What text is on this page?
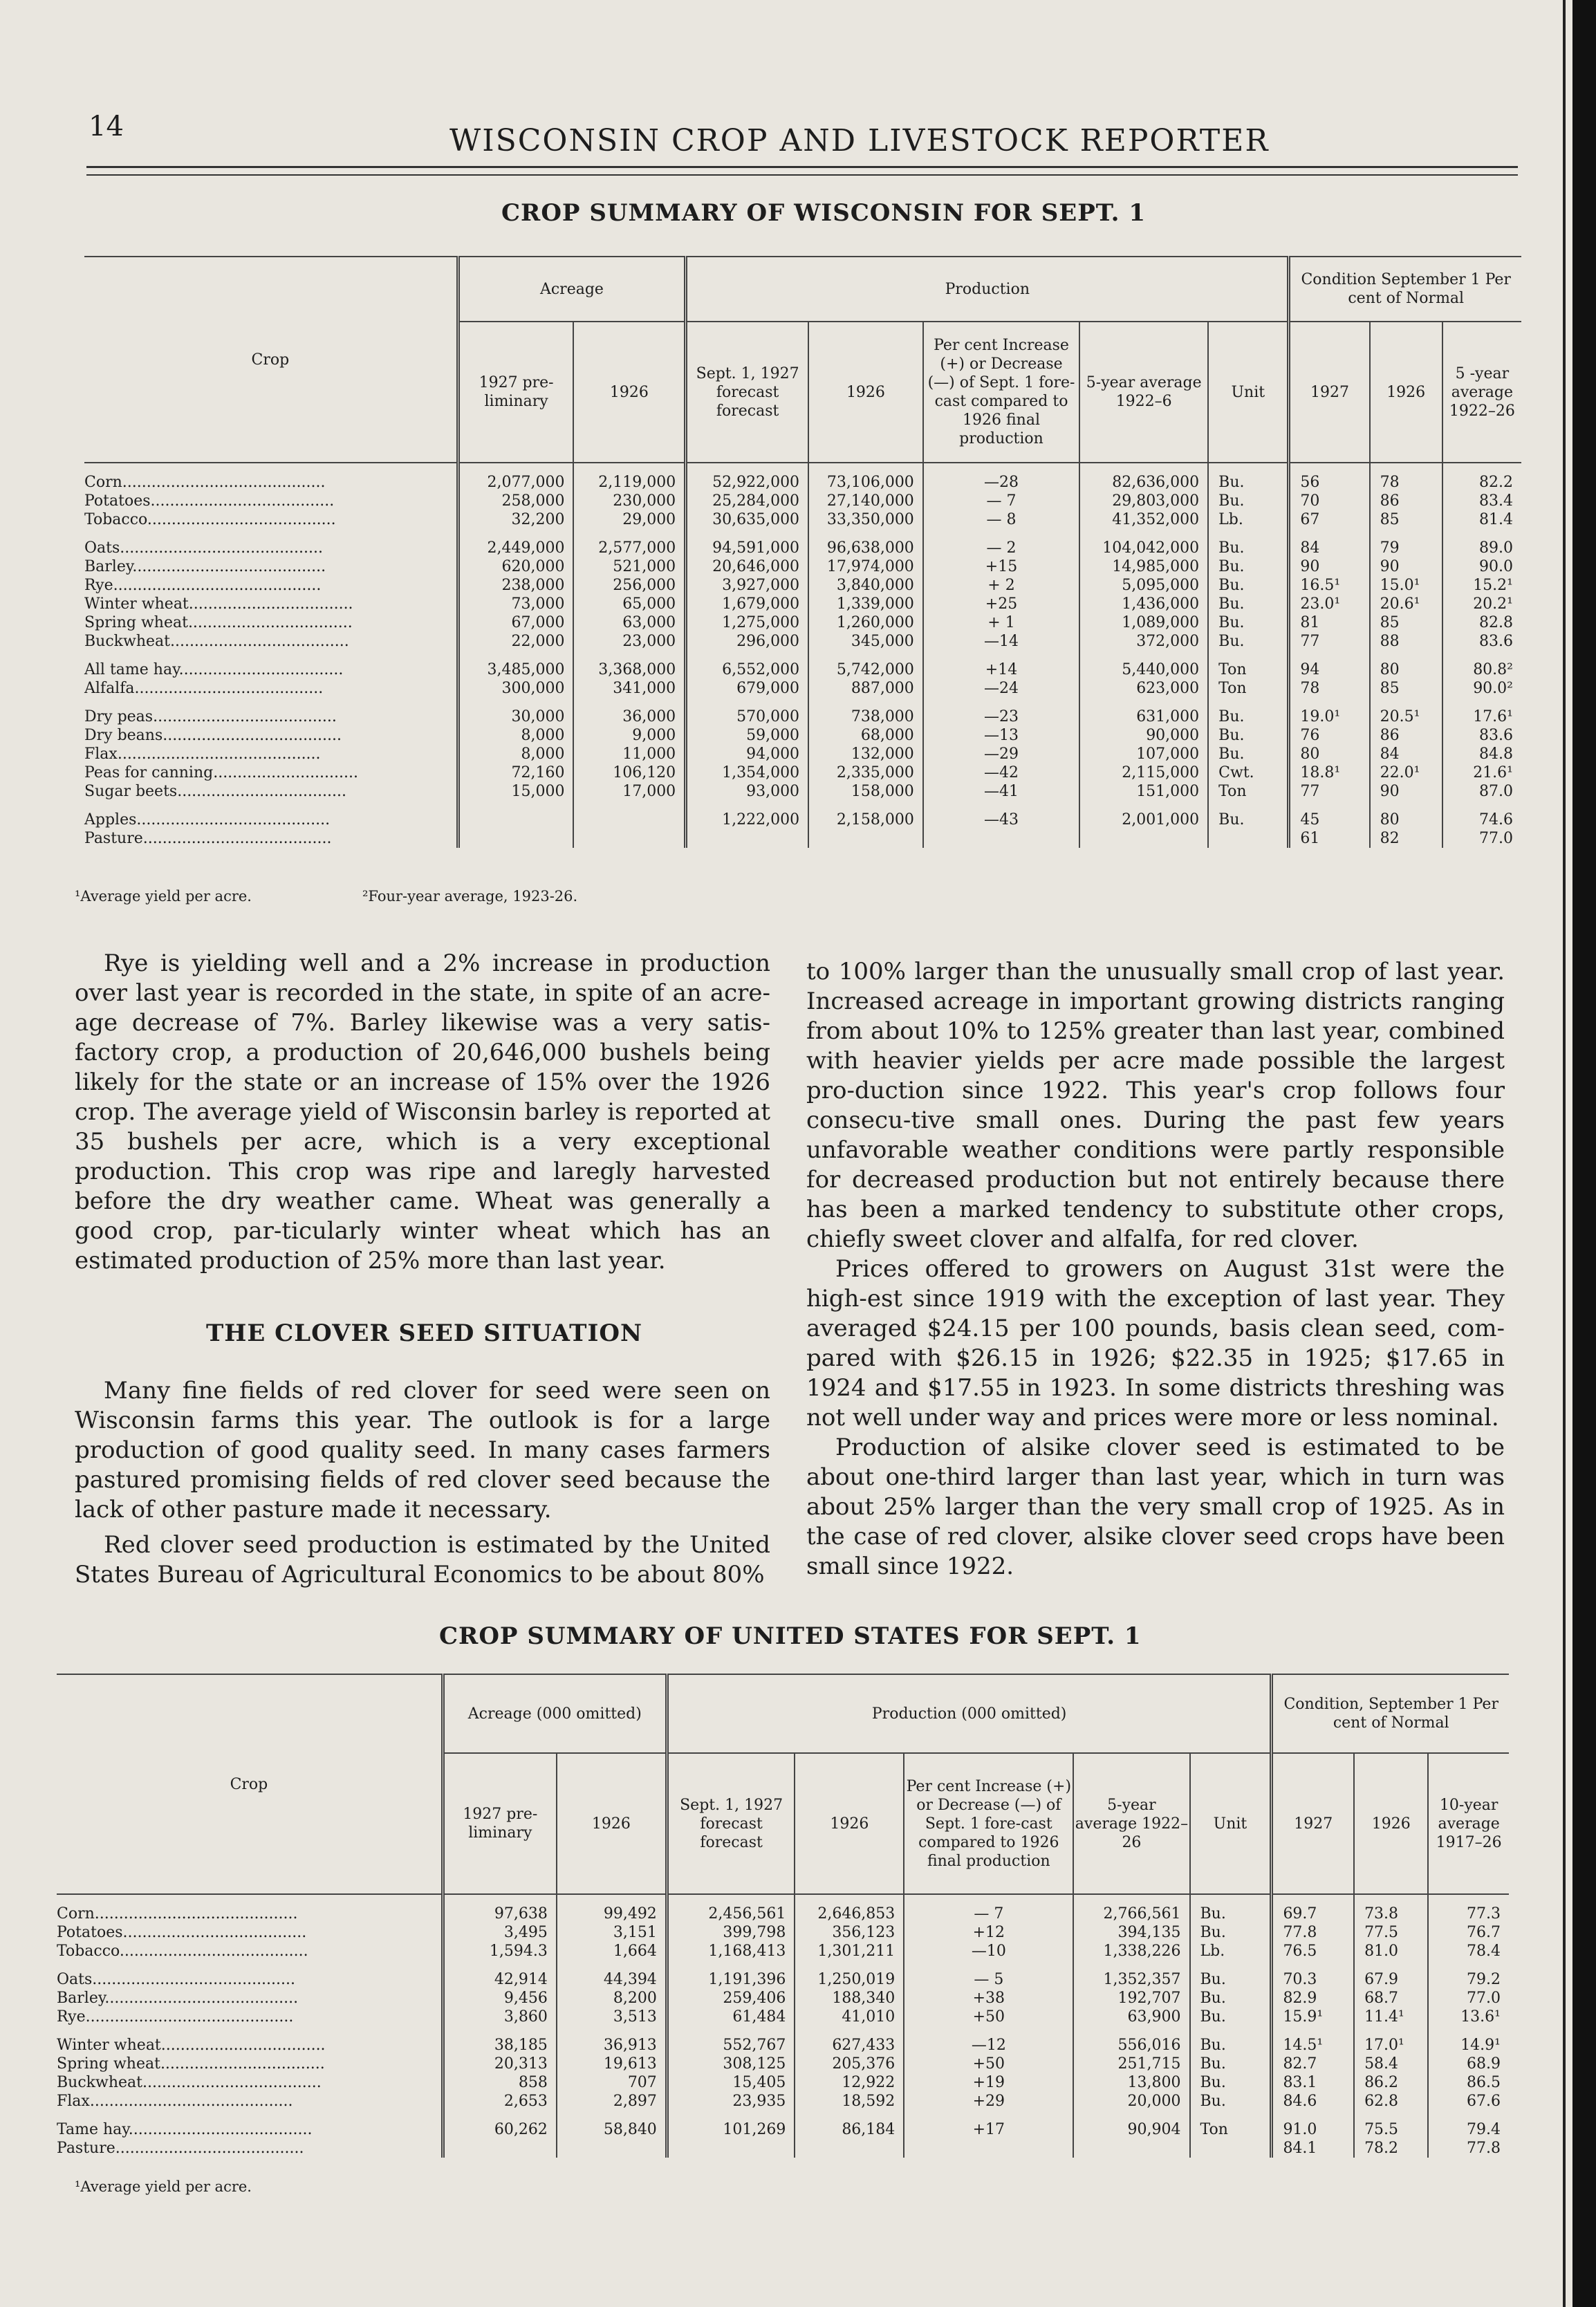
14	WISCONSIN CROP AND LIVESTOCK REPORTER
CROP SUMMARY OF WISCONSIN FOR SEPT. 1
Crop	Acreage		Production					Condition September 1 Per cent of Normal		
	1927 pre-liminary	1926	Sept. 1, 1927 forecast forecast	1926	Per cent Increase (+) or Decrease (—) of Sept. 1 fore-cast compared to 1926 final production	5-year average 1922–6	Unit	1927	1926	5 -year average 1922–26
Corn..........................................	2,077,000	2,119,000	52,922,000	73,106,000	—28	82,636,000	Bu.	56	78	82.2
Potatoes......................................	258,000	230,000	25,284,000	27,140,000	— 7	29,803,000	Bu.	70	86	83.4
Tobacco.......................................	32,200	29,000	30,635,000	33,350,000	— 8	41,352,000	Lb.	67	85	81.4
Oats..........................................	2,449,000	2,577,000	94,591,000	96,638,000	— 2	104,042,000	Bu.	84	79	89.0
Barley........................................	620,000	521,000	20,646,000	17,974,000	+15	14,985,000	Bu.	90	90	90.0
Rye...........................................	238,000	256,000	3,927,000	3,840,000	+ 2	5,095,000	Bu.	16.5¹	15.0¹	15.2¹
Winter wheat..................................	73,000	65,000	1,679,000	1,339,000	+25	1,436,000	Bu.	23.0¹	20.6¹	20.2¹
Spring wheat..................................	67,000	63,000	1,275,000	1,260,000	+ 1	1,089,000	Bu.	81	85	82.8
Buckwheat.....................................	22,000	23,000	296,000	345,000	—14	372,000	Bu.	77	88	83.6
All tame hay..................................	3,485,000	3,368,000	6,552,000	5,742,000	+14	5,440,000	Ton	94	80	80.8²
Alfalfa.......................................	300,000	341,000	679,000	887,000	—24	623,000	Ton	78	85	90.0²
Dry peas......................................	30,000	36,000	570,000	738,000	—23	631,000	Bu.	19.0¹	20.5¹	17.6¹
Dry beans.....................................	8,000	9,000	59,000	68,000	—13	90,000	Bu.	76	86	83.6
Flax..........................................	8,000	11,000	94,000	132,000	—29	107,000	Bu.	80	84	84.8
Peas for canning..............................	72,160	106,120	1,354,000	2,335,000	—42	2,115,000	Cwt.	18.8¹	22.0¹	21.6¹
Sugar beets...................................	15,000	17,000	93,000	158,000	—41	151,000	Ton	77	90	87.0
Apples........................................			1,222,000	2,158,000	—43	2,001,000	Bu.	45	80	74.6
Pasture.......................................								61	82	77.0
¹Average yield per acre.	²Four-year average, 1923-26.

Rye is yielding well and a 2% increase in production over last year is recorded in the state, in spite of an acre-age decrease of 7%. Barley likewise was a very satis-factory crop, a production of 20,646,000 bushels being likely for the state or an increase of 15% over the 1926 crop. The average yield of Wisconsin barley is reported at 35 bushels per acre, which is a very exceptional production. This crop was ripe and laregly harvested before the dry weather came. Wheat was generally a good crop, par-ticularly winter wheat which has an estimated production of 25% more than last year.

THE CLOVER SEED SITUATION

Many fine fields of red clover for seed were seen on Wisconsin farms this year. The outlook is for a large production of good quality seed. In many cases farmers pastured promising fields of red clover seed because the lack of other pasture made it necessary.

Red clover seed production is estimated by the United States Bureau of Agricultural Economics to be about 80%

to 100% larger than the unusually small crop of last year. Increased acreage in important growing districts ranging from about 10% to 125% greater than last year, combined with heavier yields per acre made possible the largest pro-duction since 1922. This year's crop follows four consecu-tive small ones. During the past few years unfavorable weather conditions were partly responsible for decreased production but not entirely because there has been a marked tendency to substitute other crops, chiefly sweet clover and alfalfa, for red clover.

Prices offered to growers on August 31st were the high-est since 1919 with the exception of last year. They averaged $24.15 per 100 pounds, basis clean seed, com-pared with $26.15 in 1926; $22.35 in 1925; $17.65 in 1924 and $17.55 in 1923. In some districts threshing was not well under way and prices were more or less nominal.

Production of alsike clover seed is estimated to be about one-third larger than last year, which in turn was about 25% larger than the very small crop of 1925. As in the case of red clover, alsike clover seed crops have been small since 1922.

CROP SUMMARY OF UNITED STATES FOR SEPT. 1
Crop	Acreage (000 omitted)		Production (000 omitted)					Condition, September 1 Per cent of Normal		
	1927 pre-liminary	1926	Sept. 1, 1927 forecast forecast	1926	Per cent Increase (+) or Decrease (—) of Sept. 1 fore-cast compared to 1926 final production	5-year average 1922–26	Unit	1927	1926	10-year average 1917–26
Corn..........................................	97,638	99,492	2,456,561	2,646,853	— 7	2,766,561	Bu.	69.7	73.8	77.3
Potatoes......................................	3,495	3,151	399,798	356,123	+12	394,135	Bu.	77.8	77.5	76.7
Tobacco.......................................	1,594.3	1,664	1,168,413	1,301,211	—10	1,338,226	Lb.	76.5	81.0	78.4
Oats..........................................	42,914	44,394	1,191,396	1,250,019	— 5	1,352,357	Bu.	70.3	67.9	79.2
Barley........................................	9,456	8,200	259,406	188,340	+38	192,707	Bu.	82.9	68.7	77.0
Rye...........................................	3,860	3,513	61,484	41,010	+50	63,900	Bu.	15.9¹	11.4¹	13.6¹
Winter wheat..................................	38,185	36,913	552,767	627,433	—12	556,016	Bu.	14.5¹	17.0¹	14.9¹
Spring wheat..................................	20,313	19,613	308,125	205,376	+50	251,715	Bu.	82.7	58.4	68.9
Buckwheat.....................................	858	707	15,405	12,922	+19	13,800	Bu.	83.1	86.2	86.5
Flax..........................................	2,653	2,897	23,935	18,592	+29	20,000	Bu.	84.6	62.8	67.6
Tame hay......................................	60,262	58,840	101,269	86,184	+17	90,904	Ton	91.0	75.5	79.4
Pasture.......................................								84.1	78.2	77.8
¹Average yield per acre.
